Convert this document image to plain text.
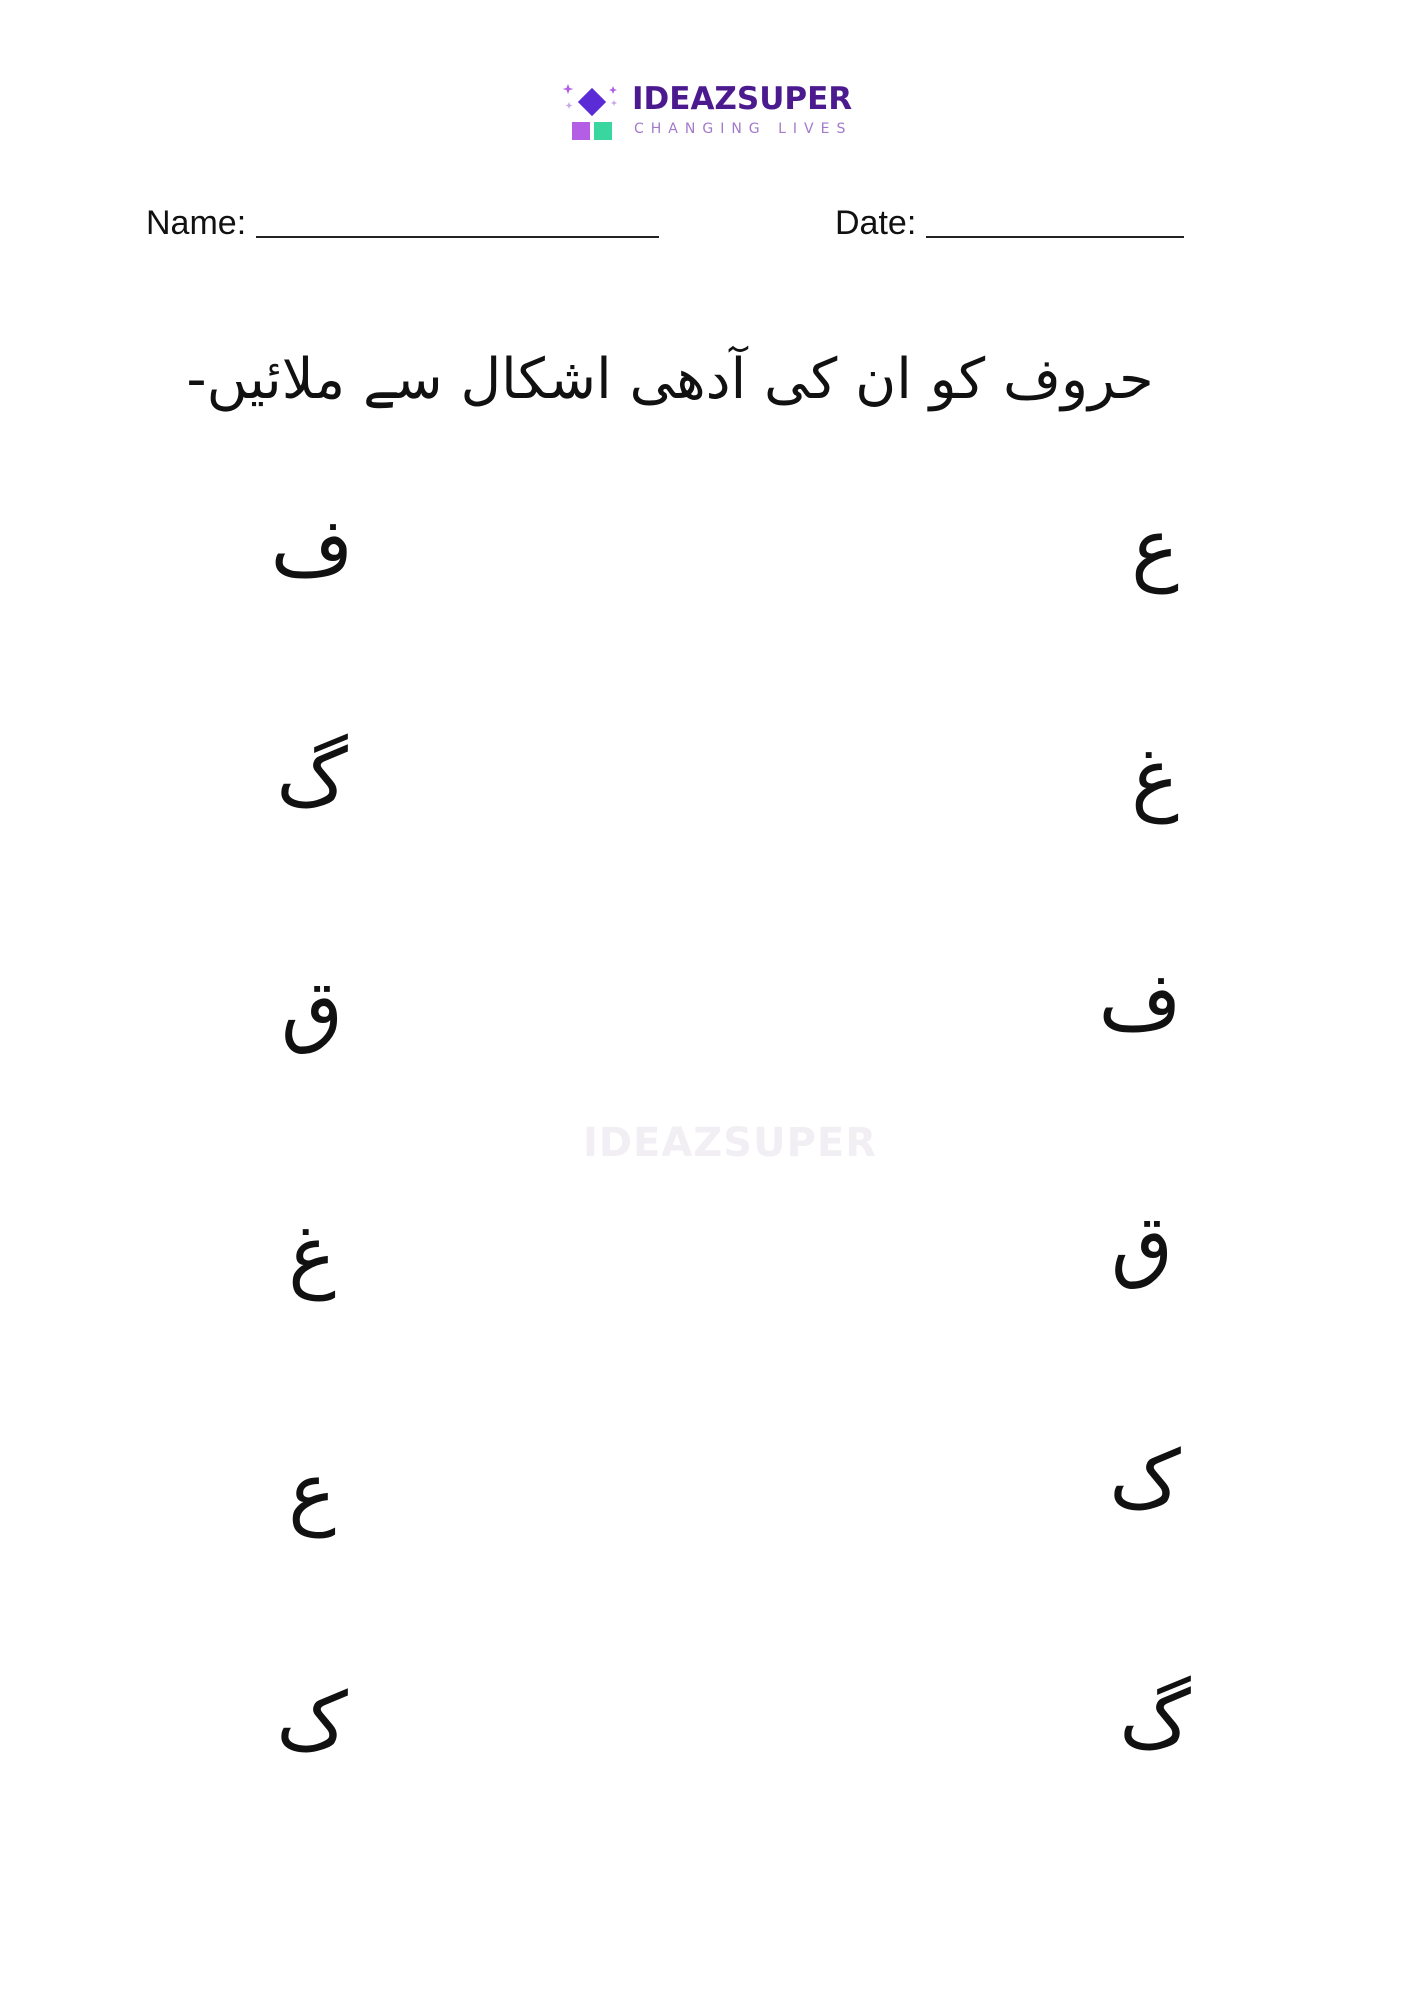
IDEAZSUPER
CHANGING LIVES
Name:	Date:
حروف کو ان کی آدھی اشکال سے ملائیں-
IDEAZSUPER
ف
گ
ق
غ
ع
ک
ع
غ
ف
ق
ک
گ
